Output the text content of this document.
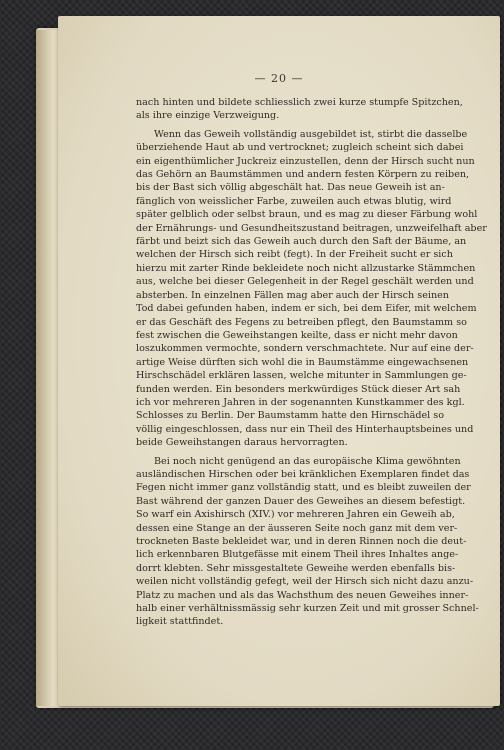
— 20 —
nach hinten und bildete schliesslich zwei kurze stumpfe Spitzchen,
als ihre einzige Verzweigung.
Wenn das Geweih vollständig ausgebildet ist, stirbt die dasselbe
überziehende Haut ab und vertrocknet; zugleich scheint sich dabei
ein eigenthümlicher Juckreiz einzustellen, denn der Hirsch sucht nun
das Gehörn an Baumstämmen und andern festen Körpern zu reiben,
bis der Bast sich völlig abgeschält hat. Das neue Geweih ist an-
fänglich von weisslicher Farbe, zuweilen auch etwas blutig, wird
später gelblich oder selbst braun, und es mag zu dieser Färbung wohl
der Ernährungs- und Gesundheitszustand beitragen, unzweifelhaft aber
färbt und beizt sich das Geweih auch durch den Saft der Bäume, an
welchen der Hirsch sich reibt (fegt). In der Freiheit sucht er sich
hierzu mit zarter Rinde bekleidete noch nicht allzustarke Stämmchen
aus, welche bei dieser Gelegenheit in der Regel geschält werden und
absterben. In einzelnen Fällen mag aber auch der Hirsch seinen
Tod dabei gefunden haben, indem er sich, bei dem Eifer, mit welchem
er das Geschäft des Fegens zu betreiben pflegt, den Baumstamm so
fest zwischen die Geweihstangen keilte, dass er nicht mehr davon
loszukommen vermochte, sondern verschmachtete. Nur auf eine der-
artige Weise dürften sich wohl die in Baumstämme eingewachsenen
Hirschschädel erklären lassen, welche mitunter in Sammlungen ge-
funden werden. Ein besonders merkwürdiges Stück dieser Art sah
ich vor mehreren Jahren in der sogenannten Kunstkammer des kgl.
Schlosses zu Berlin. Der Baumstamm hatte den Hirnschädel so
völlig eingeschlossen, dass nur ein Theil des Hinterhauptsbeines und
beide Geweihstangen daraus hervorragten.
Bei noch nicht genügend an das europäische Klima gewöhnten
ausländischen Hirschen oder bei kränklichen Exemplaren findet das
Fegen nicht immer ganz vollständig statt, und es bleibt zuweilen der
Bast während der ganzen Dauer des Geweihes an diesem befestigt.
So warf ein Axishirsch (XIV.) vor mehreren Jahren ein Geweih ab,
dessen eine Stange an der äusseren Seite noch ganz mit dem ver-
trockneten Baste bekleidet war, und in deren Rinnen noch die deut-
lich erkennbaren Blutgefässe mit einem Theil ihres Inhaltes ange-
dorrt klebten. Sehr missgestaltete Geweihe werden ebenfalls bis-
weilen nicht vollständig gefegt, weil der Hirsch sich nicht dazu anzu-
Platz zu machen und als das Wachsthum des neuen Geweihes inner-
halb einer verhältnissmässig sehr kurzen Zeit und mit grosser Schnel-
ligkeit stattfindet.
